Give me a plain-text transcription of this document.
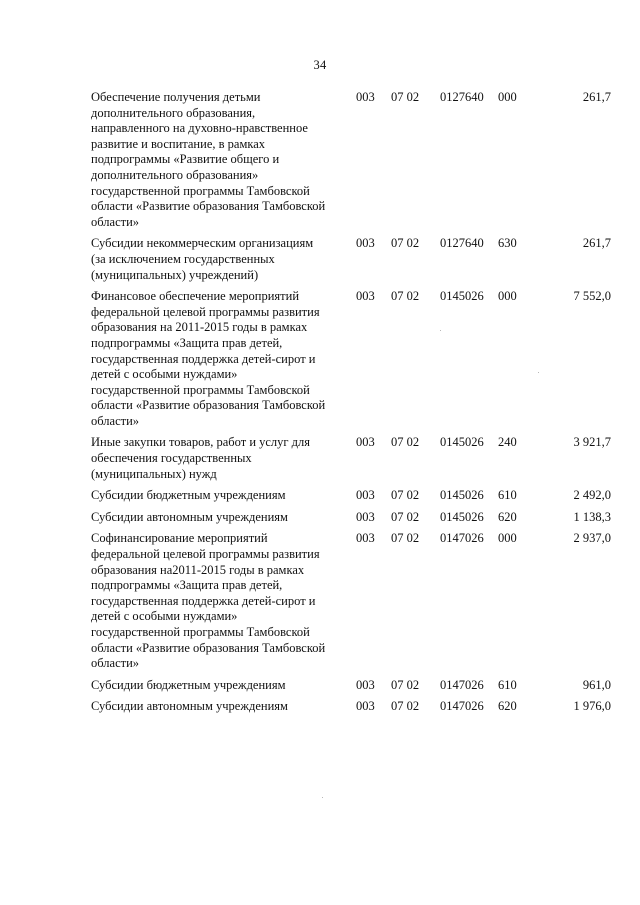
34
Обеспечение получения детьми дополнительного образования, направленного на духовно-нравственное развитие и воспитание, в рамках подпрограммы «Развитие общего и дополнительного образования» государственной программы Тамбовской области «Развитие образования Тамбовской области»
003 07 02 0127640 000	261,7
Субсидии некоммерческим организациям (за исключением государственных (муниципальных) учреждений)
003 07 02 0127640 630	261,7
Финансовое обеспечение мероприятий федеральной целевой программы развития образования на 2011-2015 годы в рамках подпрограммы «Защита прав детей, государственная поддержка детей-сирот и детей с особыми нуждами» государственной программы Тамбовской области «Развитие образования Тамбовской области»
003 07 02 0145026 000	7 552,0
Иные закупки товаров, работ и услуг для обеспечения государственных (муниципальных) нужд
003 07 02 0145026 240	3 921,7
Субсидии бюджетным учреждениям	003 07 02 0145026 610	2 492,0
Субсидии автономным учреждениям	003 07 02 0145026 620	1 138,3
Софинансирование мероприятий федеральной целевой программы развития образования на2011-2015 годы в рамках подпрограммы «Защита прав детей, государственная поддержка детей-сирот и детей с особыми нуждами» государственной программы Тамбовской области «Развитие образования Тамбовской области»
003 07 02 0147026 000	2 937,0
Субсидии бюджетным учреждениям	003 07 02 0147026 610	961,0
Субсидии автономным учреждениям	003 07 02 0147026 620	1 976,0
